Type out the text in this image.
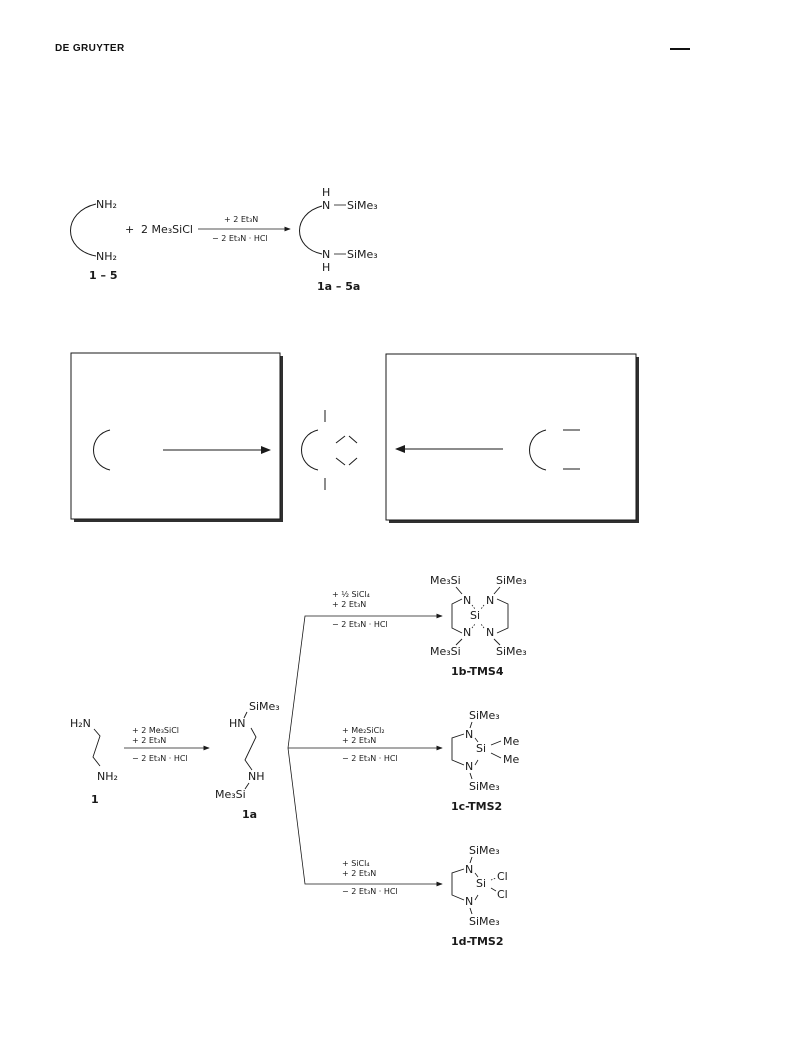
DE GRUYTER
NH₂
NH₂
1 – 5
+ 2 Me₃SiCl
+ 2 Et₃N
− 2 Et₃N · HCl
H
N SiMe₃
N SiMe₃
H
1a – 5a
H₂N
NH₂
1
+ 2 Me₃SiCl
+ 2 Et₃N
− 2 Et₃N · HCl
SiMe₃
HN
NH
Me₃Si
1a
+ ½ SiCl₄
+ 2 Et₃N
− 2 Et₃N · HCl
+ Me₂SiCl₂
+ 2 Et₃N
− 2 Et₃N · HCl
+ SiCl₄
+ 2 Et₃N
− 2 Et₃N · HCl
Me₃Si	SiMe₃
N N
Si
N N
Me₃Si	SiMe₃
1b-TMS4
SiMe₃
N
Si
N
Me
Me
SiMe₃
1c-TMS2
SiMe₃
N
Si
N
Cl
Cl
SiMe₃
1d-TMS2
